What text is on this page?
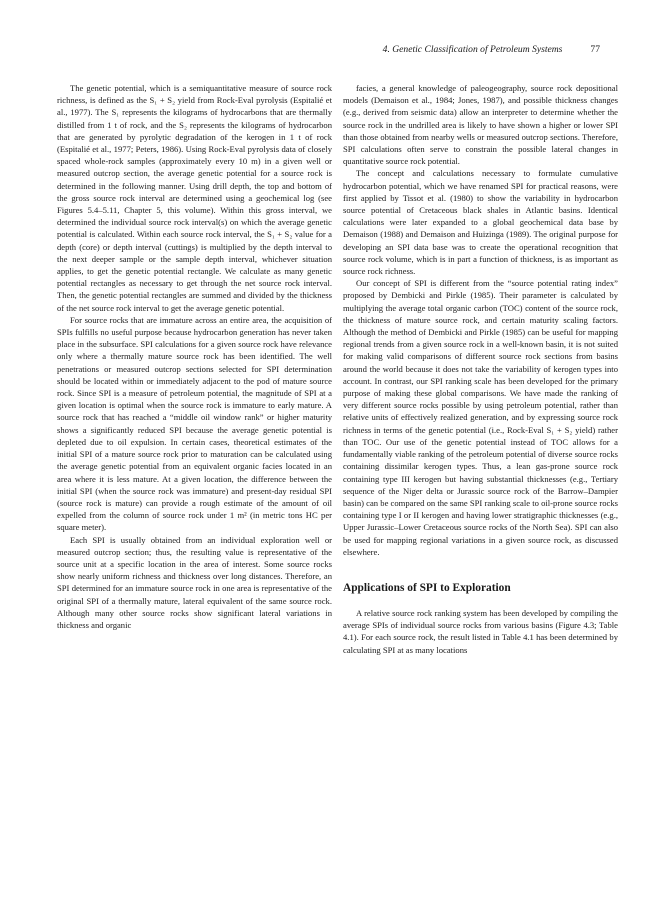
4. Genetic Classification of Petroleum Systems	77

The genetic potential, which is a semiquantitative measure of source rock richness, is defined as the S₁ + S₂ yield from Rock-Eval pyrolysis (Espitalié et al., 1977). The S₁ represents the kilograms of hydrocarbons that are thermally distilled from 1 t of rock, and the S₂ represents the kilograms of hydrocarbon that are generated by pyrolytic degradation of the kerogen in 1 t of rock (Espitalié et al., 1977; Peters, 1986). Using Rock-Eval pyrolysis data of closely spaced whole-rock samples (approximately every 10 m) in a given well or measured outcrop section, the average genetic potential for a source rock is determined in the following manner. Using drill depth, the top and bottom of the gross source rock interval are determined using a geochemical log (see Figures 5.4–5.11, Chapter 5, this volume). Within this gross interval, we determined the individual source rock interval(s) on which the average genetic potential is calculated. Within each source rock interval, the S₁ + S₂ value for a depth (core) or depth interval (cuttings) is multiplied by the depth interval to the next deeper sample or the sample depth interval, whichever situation applies, to get the genetic potential rectangle. We calculate as many genetic potential rectangles as necessary to get through the net source rock interval. Then, the genetic potential rectangles are summed and divided by the thickness of the net source rock interval to get the average genetic potential.

For source rocks that are immature across an entire area, the acquisition of SPIs fulfills no useful purpose because hydrocarbon generation has never taken place in the subsurface. SPI calculations for a given source rock have relevance only where a thermally mature source rock has been identified. The well penetrations or measured outcrop sections selected for SPI determination should be located within or immediately adjacent to the pod of mature source rock. Since SPI is a measure of petroleum potential, the magnitude of SPI at a given location is optimal when the source rock is immature to early mature. A source rock that has reached a “middle oil window rank” or higher maturity shows a significantly reduced SPI because the average genetic potential is depleted due to oil expulsion. In certain cases, theoretical estimates of the initial SPI of a mature source rock prior to maturation can be calculated using the average genetic potential from an equivalent organic facies located in an area where it is less mature. At a given location, the difference between the initial SPI (when the source rock was immature) and present-day residual SPI (source rock is mature) can provide a rough estimate of the amount of oil expelled from the column of source rock under 1 m² (in metric tons HC per square meter).

Each SPI is usually obtained from an individual exploration well or measured outcrop section; thus, the resulting value is representative of the source unit at a specific location in the area of interest. Some source rocks show nearly uniform richness and thickness over long distances. Therefore, an SPI determined for an immature source rock in one area is representative of the original SPI of a thermally mature, lateral equivalent of the same source rock. Although many other source rocks show significant lateral variations in thickness and organic

facies, a general knowledge of paleogeography, source rock depositional models (Demaison et al., 1984; Jones, 1987), and possible thickness changes (e.g., derived from seismic data) allow an interpreter to determine whether the source rock in the undrilled area is likely to have shown a higher or lower SPI than those obtained from nearby wells or measured outcrop sections. Therefore, SPI calculations often serve to constrain the possible lateral changes in quantitative source rock potential.

The concept and calculations necessary to formulate cumulative hydrocarbon potential, which we have renamed SPI for practical reasons, were first applied by Tissot et al. (1980) to show the variability in hydrocarbon source potential of Cretaceous black shales in Atlantic basins. Identical calculations were later expanded to a global geochemical data base by Demaison (1988) and Demaison and Huizinga (1989). The original purpose for developing an SPI data base was to create the operational recognition that source rock volume, which is in part a function of thickness, is as important as source rock richness.

Our concept of SPI is different from the “source potential rating index” proposed by Dembicki and Pirkle (1985). Their parameter is calculated by multiplying the average total organic carbon (TOC) content of the source rock, the thickness of mature source rock, and certain maturity scaling factors. Although the method of Dembicki and Pirkle (1985) can be useful for mapping regional trends from a given source rock in a well-known basin, it is not suited for making valid comparisons of different source rock sections from basins around the world because it does not take the variability of kerogen types into account. In contrast, our SPI ranking scale has been developed for the primary purpose of making these global comparisons. We have made the ranking of very different source rocks possible by using petroleum potential, rather than relative units of effectively realized generation, and by expressing source rock richness in terms of the genetic potential (i.e., Rock-Eval S₁ + S₂ yield) rather than TOC. Our use of the genetic potential instead of TOC allows for a fundamentally viable ranking of the petroleum potential of diverse source rocks containing dissimilar kerogen types. Thus, a lean gas-prone source rock containing type III kerogen but having substantial thicknesses (e.g., Tertiary sequence of the Niger delta or Jurassic source rock of the Barrow–Dampier basin) can be compared on the same SPI ranking scale to oil-prone source rocks containing type I or II kerogen and having lower stratigraphic thicknesses (e.g., Upper Jurassic–Lower Cretaceous source rocks of the North Sea). SPI can also be used for mapping regional variations in a given source rock, as discussed elsewhere.

Applications of SPI to Exploration

A relative source rock ranking system has been developed by compiling the average SPIs of individual source rocks from various basins (Figure 4.3; Table 4.1). For each source rock, the result listed in Table 4.1 has been determined by calculating SPI at as many locations
